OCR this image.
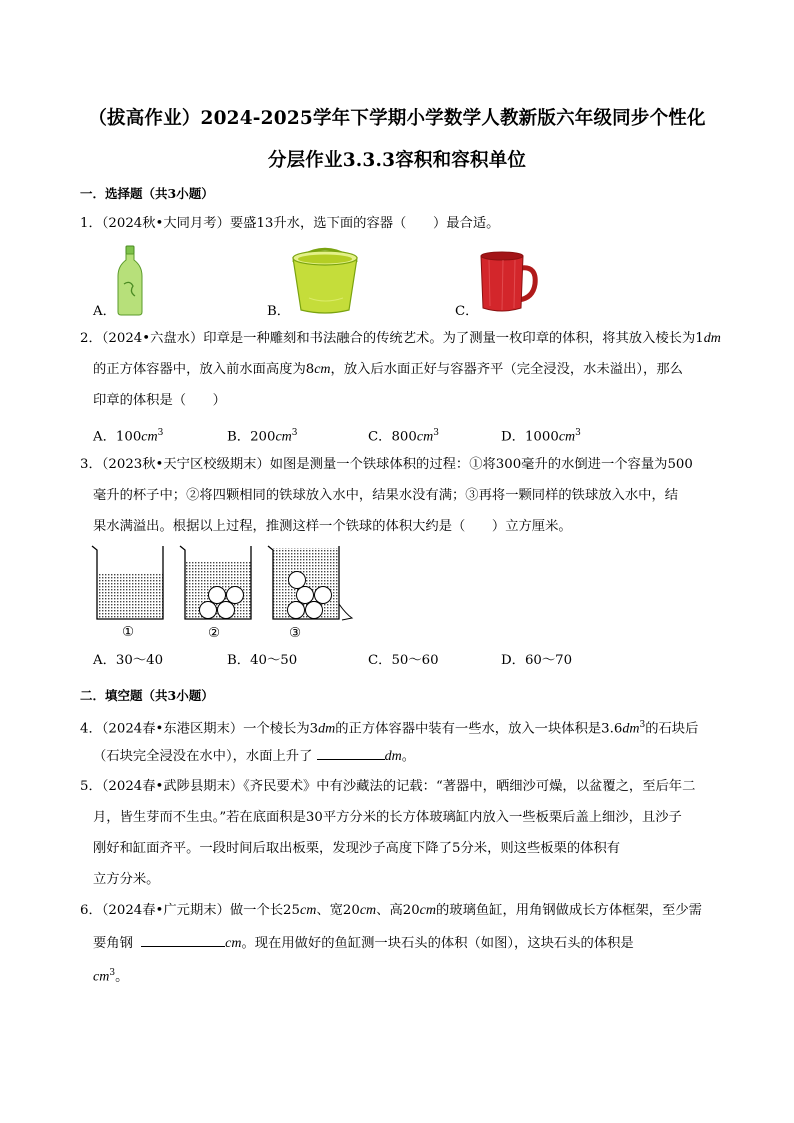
（拔高作业）2024-2025学年下学期小学数学人教新版六年级同步个性化
分层作业3.3.3容积和容积单位
一．选择题（共3小题）
1．（2024秋•大同月考）要盛13升水，选下面的容器（　　）最合适。
A．	B．	C．
2．（2024•六盘水）印章是一种雕刻和书法融合的传统艺术。为了测量一枚印章的体积，将其放入棱长为1dm
的正方体容器中，放入前水面高度为8cm，放入后水面正好与容器齐平（完全浸没，水未溢出），那么
印章的体积是（　　）
A．$100cm^3$	B．$200cm^3$	C．$800cm^3$	D．$1000cm^3$
3．（2023秋•天宁区校级期末）如图是测量一个铁球体积的过程：①将300毫升的水倒进一个容量为500
毫升的杯子中；②将四颗相同的铁球放入水中，结果水没有满；③再将一颗同样的铁球放入水中，结
果水满溢出。根据以上过程，推测这样一个铁球的体积大约是（　　）立方厘米。
①	②	③
A．30～40	B．40～50	C．50～60	D．60～70
二．填空题（共3小题）
4．（2024春•东港区期末）一个棱长为3dm的正方体容器中装有一些水，放入一块体积是$3.6dm^3$的石块后
（石块完全浸没在水中），水面上升了	dm。
5．（2024春•武陟县期末）《齐民要术》中有沙藏法的记载：“著器中，晒细沙可燥，以盆覆之，至后年二
月，皆生芽而不生虫。”若在底面积是30平方分米的长方体玻璃缸内放入一些板栗后盖上细沙，且沙子
刚好和缸面齐平。一段时间后取出板栗，发现沙子高度下降了5分米，则这些板栗的体积有
立方分米。
6．（2024春•广元期末）做一个长25cm、宽20cm、高20cm的玻璃鱼缸，用角钢做成长方体框架，至少需
要角钢	cm。现在用做好的鱼缸测一块石头的体积（如图），这块石头的体积是
$cm^3$。
